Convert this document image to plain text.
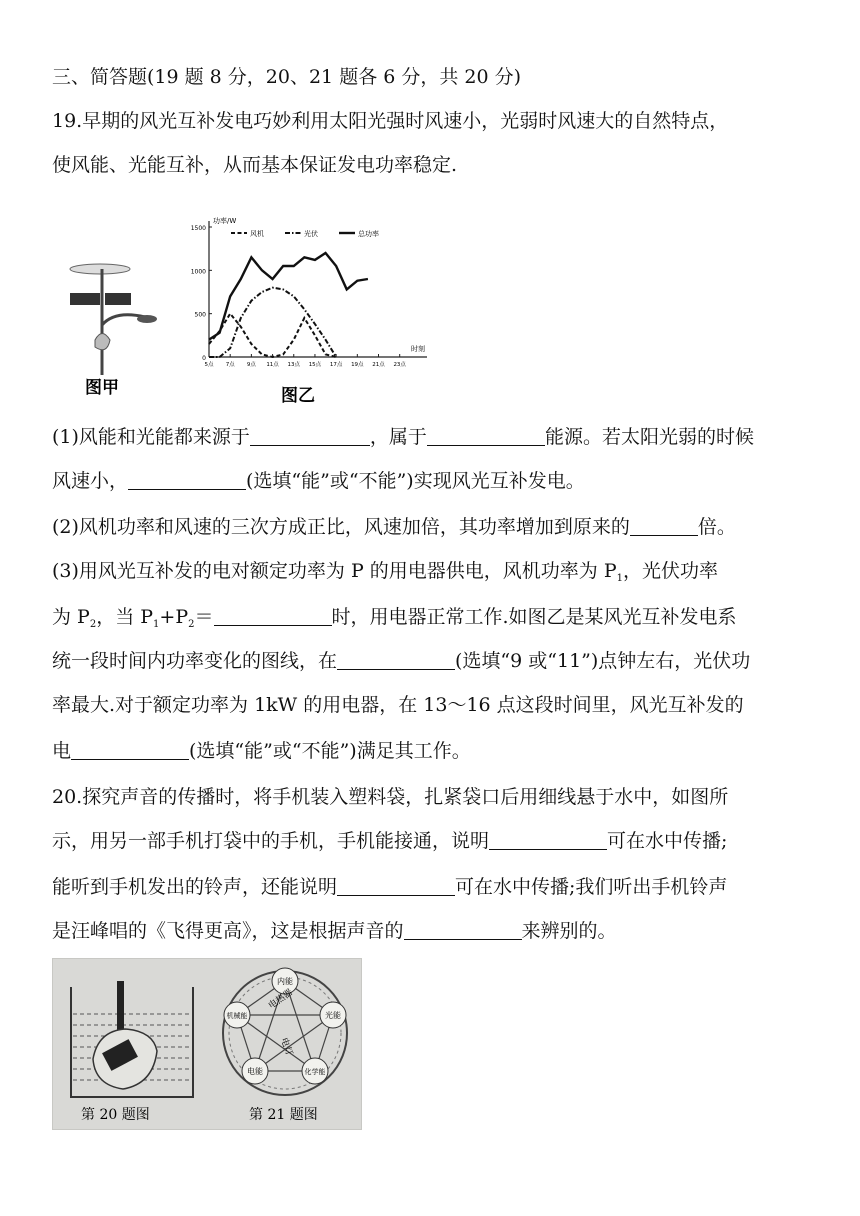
三、简答题(19 题 8 分，20、21 题各 6 分，共 20 分)
19.早期的风光互补发电巧妙利用太阳光强时风速小，光弱时风速大的自然特点，
使风能、光能互补，从而基本保证发电功率稳定.
图甲
0
500
1000
1500
功率/W
时刻
5点 7点 9点 11点 13点 15点 17点 19点 21点 23点
风机	光伏	总功率
图乙
(1)风能和光能都来源于	，属于	能源。若太阳光弱的时候
风速小，	(选填“能”或“不能”)实现风光互补发电。
(2)风机功率和风速的三次方成正比，风速加倍，其功率增加到原来的	倍。
(3)用风光互补发的电对额定功率为 P 的用电器供电，风机功率为 $P_1$，光伏功率
为 $P_2$，当 $P_1+P_2=$	时，用电器正常工作.如图乙是某风光互补发电系
统一段时间内功率变化的图线，在	(选填“9 或“11”)点钟左右，光伏功
率最大.对于额定功率为 1kW 的用电器，在 13～16 点这段时间里，风光互补发的
电	(选填“能”或“不能”)满足其工作。
20.探究声音的传播时，将手机装入塑料袋，扎紧袋口后用细线悬于水中，如图所
示，用另一部手机打袋中的手机，手机能接通，说明	可在水中传播;
能听到手机发出的铃声，还能说明	可在水中传播;我们听出手机铃声
是汪峰唱的《飞得更高》，这是根据声音的	来辨别的。
第 20 题图
内能
光能
化学能
电能
机械能
电热器
电灯
第 21 题图
